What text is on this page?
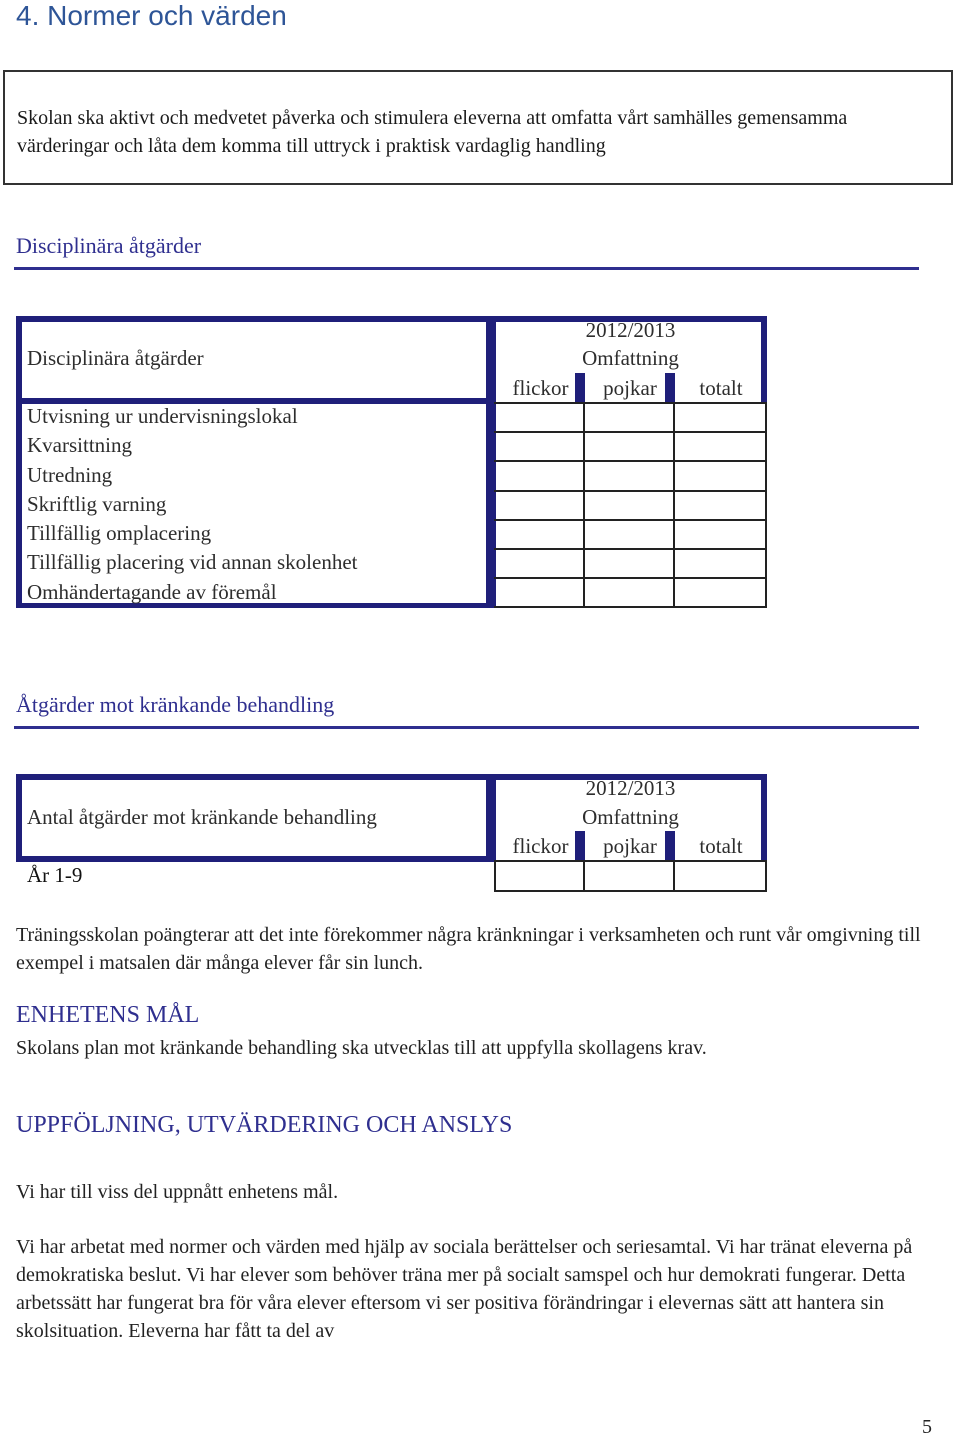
4. Normer och värden

Skolan ska aktivt och medvetet påverka och stimulera eleverna att omfatta vårt samhälles gemensamma värderingar och låta dem komma till uttryck i praktisk vardaglig handling

Disciplinära åtgärder
Disciplinära åtgärder
2012/2013
Omfattning
flickor	pojkar	totalt
Utvisning ur undervisningslokal
Kvarsittning
Utredning
Skriftlig varning
Tillfällig omplacering
Tillfällig placering vid annan skolenhet
Omhändertagande av föremål
Åtgärder mot kränkande behandling
Antal åtgärder mot kränkande behandling
2012/2013
Omfattning
flickor	pojkar	totalt
År 1-9

Träningsskolan poängterar att det inte förekommer några kränkningar i verksamheten och runt vår omgivning till exempel i matsalen där många elever får sin lunch.

ENHETENS MÅL

Skolans plan mot kränkande behandling ska utvecklas till att uppfylla skollagens krav.

UPPFÖLJNING, UTVÄRDERING OCH ANSLYS

Vi har till viss del uppnått enhetens mål.

Vi har arbetat med normer och värden med hjälp av sociala berättelser och seriesamtal. Vi har tränat eleverna på demokratiska beslut. Vi har elever som behöver träna mer på socialt samspel och hur demokrati fungerar. Detta arbetssätt har fungerat bra för våra elever eftersom vi ser positiva förändringar i elevernas sätt att hantera sin skolsituation. Eleverna har fått ta del av

5
